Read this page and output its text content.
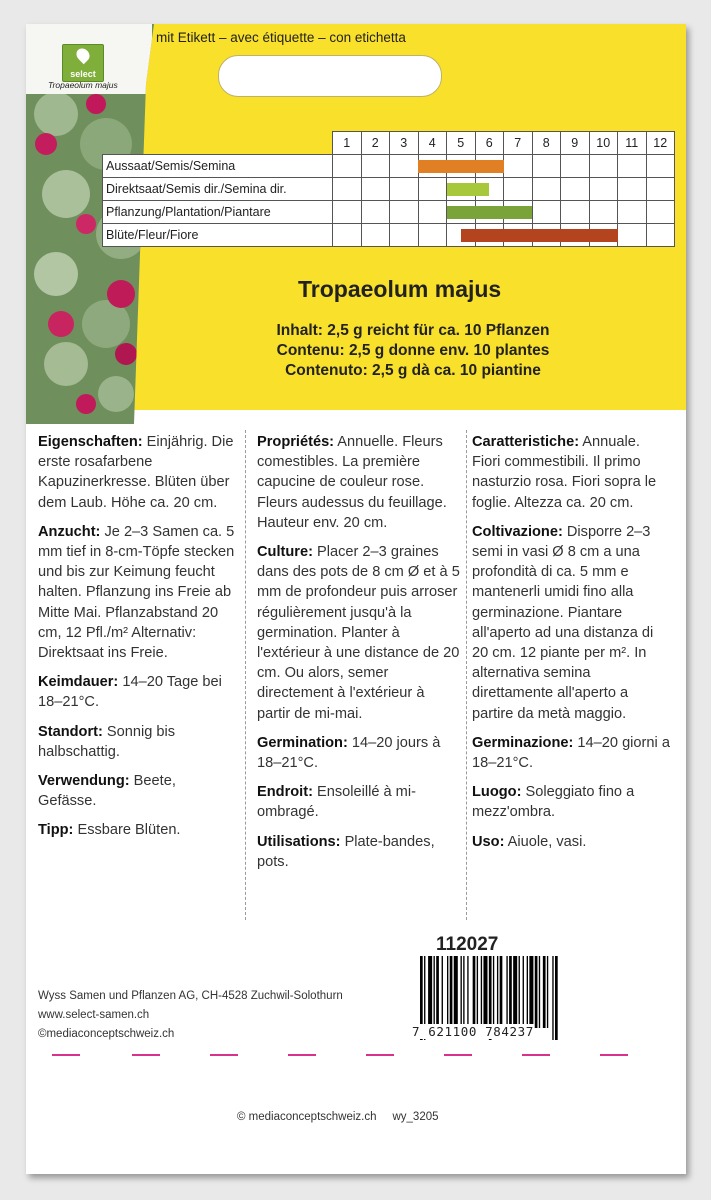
mit Etikett – avec étiquette – con etichetta
select
Tropaeolum majus
	1	2	3	4	5	6	7	8	9	10	11	12
Aussaat/Semis/Semina												
Direktsaat/Semis dir./Semina dir.												
Pflanzung/Plantation/Piantare												
Blüte/Fleur/Fiore												
Tropaeolum majus
Inhalt: 2,5 g reicht für ca. 10 Pflanzen
Contenu: 2,5 g donne env. 10 plantes
Contenuto: 2,5 g dà ca. 10 piantine

Eigenschaften: Einjährig. Die erste rosafarbene Kapuzinerkresse. Blüten über dem Laub. Höhe ca. 20 cm.

Anzucht: Je 2–3 Samen ca. 5 mm tief in 8-cm-Töpfe stecken und bis zur Keimung feucht halten. Pflanzung ins Freie ab Mitte Mai. Pflanzabstand 20 cm, 12 Pfl./m² Alternativ: Direktsaat ins Freie.

Keimdauer: 14–20 Tage bei 18–21°C.

Standort: Sonnig bis halbschattig.

Verwendung: Beete, Gefässe.

Tipp: Essbare Blüten.

Propriétés: Annuelle. Fleurs comestibles. La première capucine de couleur rose. Fleurs audessus du feuillage. Hauteur env. 20 cm.

Culture: Placer 2–3 graines dans des pots de 8 cm Ø et à 5 mm de profondeur puis arroser régulièrement jusqu'à la germination. Planter à l'extérieur à une distance de 20 cm. Ou alors, semer directement à l'extérieur à partir de mi-mai.

Germination: 14–20 jours à 18–21°C.

Endroit: Ensoleillé à mi-ombragé.

Utilisations: Plate-bandes, pots.

Caratteristiche: Annuale. Fiori commestibili. Il primo nasturzio rosa. Fiori sopra le foglie. Altezza ca. 20 cm.

Coltivazione: Disporre 2–3 semi in vasi Ø 8 cm a una profondità di ca. 5 mm e mantenerli umidi fino alla germinazione. Piantare all'aperto ad una distanza di 20 cm. 12 piante per m². In alternativa semina direttamente all'aperto a partire da metà maggio.

Germinazione: 14–20 giorni a 18–21°C.

Luogo: Soleggiato fino a mezz'ombra.

Uso: Aiuole, vasi.

112027
7 621100 784237
Wyss Samen und Pflanzen AG, CH-4528 Zuchwil-Solothurn
www.select-samen.ch
©mediaconceptschweiz.ch
© mediaconceptschweiz.ch     wy_3205
